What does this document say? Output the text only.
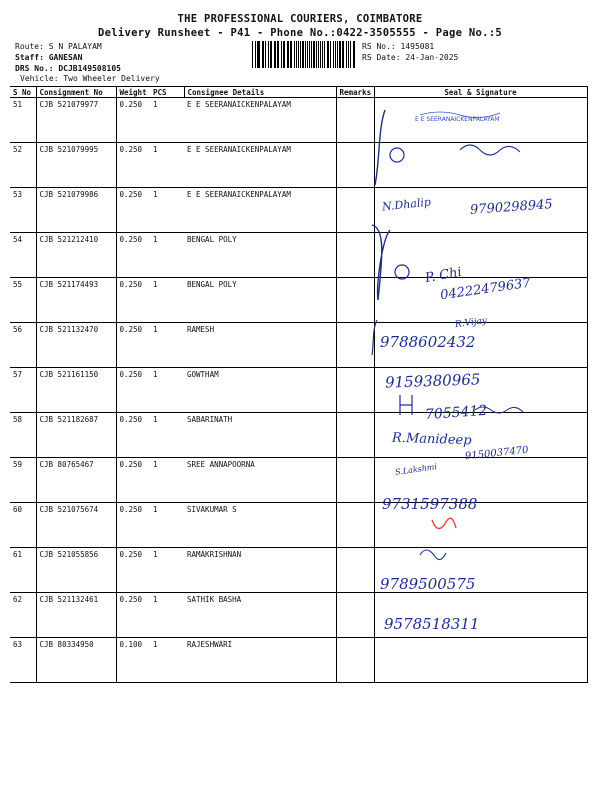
THE PROFESSIONAL COURIERS, COIMBATORE
Delivery Runsheet - P41 - Phone No.:0422-3505555 - Page No.:5
Route: S N PALAYAM
Staff: GANESAN
DRS No.: DCJB149508105
Vehicle: Two Wheeler Delivery
RS No.: 1495081
RS Date: 24-Jan-2025
S No	Consignment No	Weight	PCS	Consignee Details	Remarks	Seal & Signature
51	CJB 521079977	0.250	1	E E SEERANAICKENPALAYAM		
52	CJB 521079995	0.250	1	E E SEERANAICKENPALAYAM		
53	CJB 521079986	0.250	1	E E SEERANAICKENPALAYAM		
54	CJB 521212410	0.250	1	BENGAL POLY		
55	CJB 521174493	0.250	1	BENGAL POLY		
56	CJB 521132470	0.250	1	RAMESH		
57	CJB 521161150	0.250	1	GOWTHAM		
58	CJB 521182687	0.250	1	SABARINATH		
59	CJB 80765467	0.250	1	SREE ANNAPOORNA		
60	CJB 521075674	0.250	1	SIVAKUMAR S		
61	CJB 521055856	0.250	1	RAMAKRISHNAN		
62	CJB 521132461	0.250	1	SATHIK BASHA		
63	CJB 80334950	0.100	1	RAJESHWARI		
E E SEERANAICKENPALAYAM
N.Dhalip	9790298945
P. Chi
04222479637
R.Vijay
9788602432
9159380965
7055412
R.Manideep
9150037470
S.Lakshmi
9731597388
9789500575
9578518311
